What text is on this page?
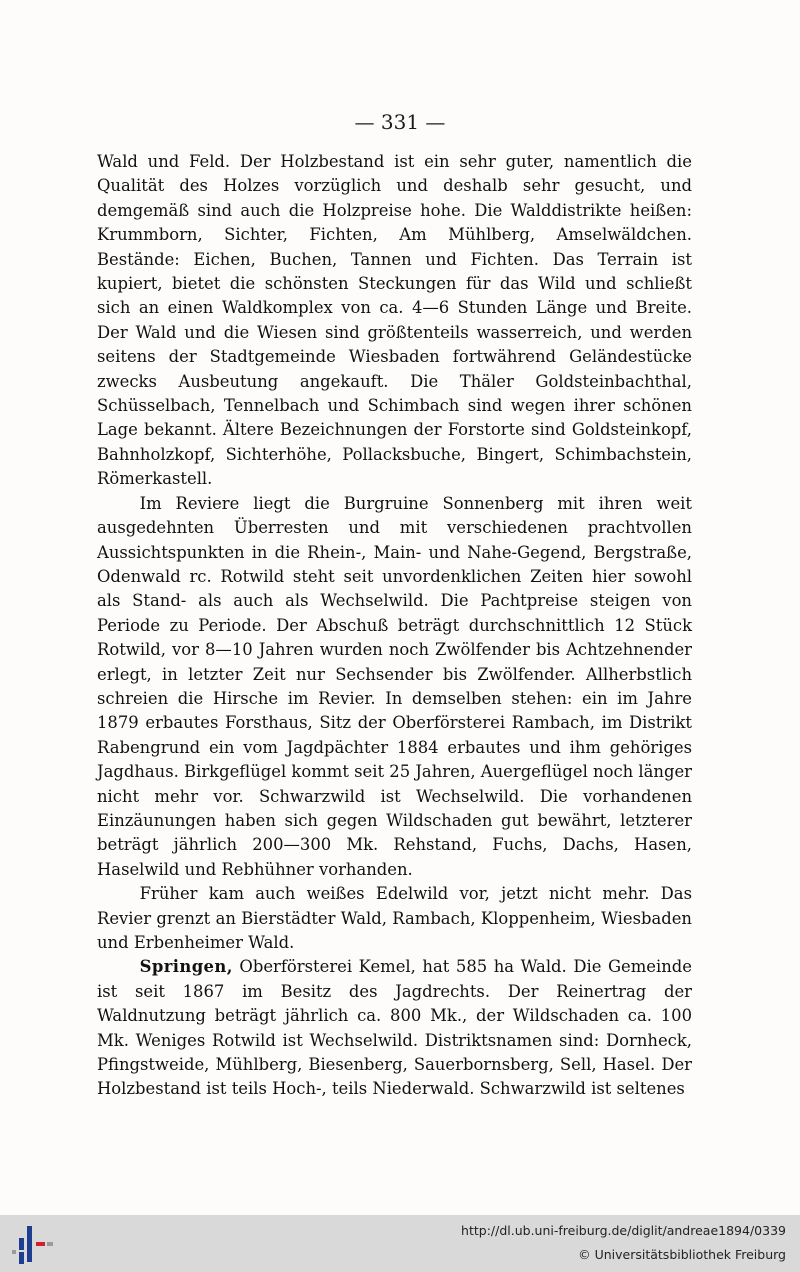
— 331 —

Wald und Feld. Der Holzbestand ist ein sehr guter, namentlich die Qualität des Holzes vorzüglich und deshalb sehr gesucht, und demgemäß sind auch die Holzpreise hohe. Die Walddistrikte heißen: Krummborn, Sichter, Fichten, Am Mühlberg, Amselwäldchen. Bestände: Eichen, Buchen, Tannen und Fichten. Das Terrain ist kupiert, bietet die schönsten Steckungen für das Wild und schließt sich an einen Waldkomplex von ca. 4—6 Stunden Länge und Breite. Der Wald und die Wiesen sind größtenteils wasserreich, und werden seitens der Stadtgemeinde Wiesbaden fortwährend Geländestücke zwecks Ausbeutung angekauft. Die Thäler Goldsteinbachthal, Schüsselbach, Tennelbach und Schimbach sind wegen ihrer schönen Lage bekannt. Ältere Bezeichnungen der Forstorte sind Goldsteinkopf, Bahnholzkopf, Sichterhöhe, Pollacksbuche, Bingert, Schimbachstein, Römerkastell.

Im Reviere liegt die Burgruine Sonnenberg mit ihren weit ausgedehnten Überresten und mit verschiedenen prachtvollen Aussichtspunkten in die Rhein-, Main- und Nahe-Gegend, Bergstraße, Odenwald rc. Rotwild steht seit unvordenklichen Zeiten hier sowohl als Stand- als auch als Wechselwild. Die Pachtpreise steigen von Periode zu Periode. Der Abschuß beträgt durchschnittlich 12 Stück Rotwild, vor 8—10 Jahren wurden noch Zwölfender bis Achtzehnender erlegt, in letzter Zeit nur Sechsender bis Zwölfender. Allherbstlich schreien die Hirsche im Revier. In demselben stehen: ein im Jahre 1879 erbautes Forsthaus, Sitz der Oberförsterei Rambach, im Distrikt Rabengrund ein vom Jagdpächter 1884 erbautes und ihm gehöriges Jagdhaus. Birkgeflügel kommt seit 25 Jahren, Auergeflügel noch länger nicht mehr vor. Schwarzwild ist Wechselwild. Die vorhandenen Einzäunungen haben sich gegen Wildschaden gut bewährt, letzterer beträgt jährlich 200—300 Mk. Rehstand, Fuchs, Dachs, Hasen, Haselwild und Rebhühner vorhanden.

Früher kam auch weißes Edelwild vor, jetzt nicht mehr. Das Revier grenzt an Bierstädter Wald, Rambach, Kloppenheim, Wiesbaden und Erbenheimer Wald.

Springen, Oberförsterei Kemel, hat 585 ha Wald. Die Gemeinde ist seit 1867 im Besitz des Jagdrechts. Der Reinertrag der Waldnutzung beträgt jährlich ca. 800 Mk., der Wildschaden ca. 100 Mk. Weniges Rotwild ist Wechselwild. Distriktsnamen sind: Dornheck, Pfingstweide, Mühlberg, Biesenberg, Sauerbornsberg, Sell, Hasel. Der Holzbestand ist teils Hoch-, teils Niederwald. Schwarzwild ist seltenes

http://dl.ub.uni-freiburg.de/diglit/andreae1894/0339
© Universitätsbibliothek Freiburg
